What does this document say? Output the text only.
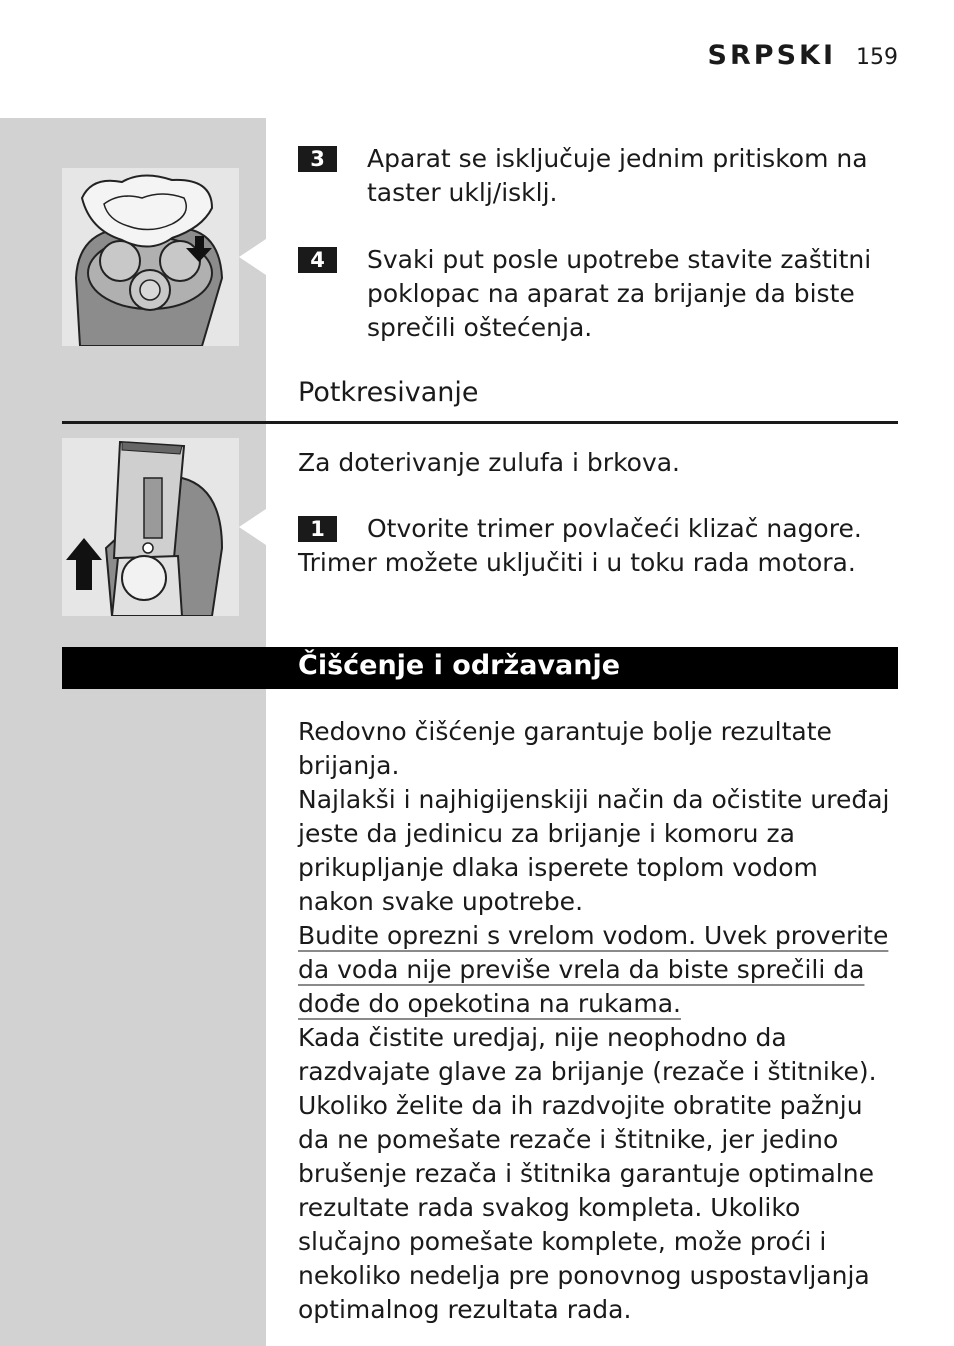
SRPSKI 159
3	Aparat se isključuje jednim pritiskom na taster uklj/isklj.
4	Svaki put posle upotrebe stavite zaštitni poklopac na aparat za brijanje da biste sprečili oštećenja.
Potkresivanje
Za doterivanje zulufa i brkova.
1	Otvorite trimer povlačeći klizač nagore.
Trimer možete uključiti i u toku rada motora.
Čišćenje i održavanje

Redovno čišćenje garantuje bolje rezultate brijanja.

Najlakši i najhigijenskiji način da očistite uređaj jeste da jedinicu za brijanje i komoru za prikupljanje dlaka isperete toplom vodom nakon svake upotrebe.

Budite oprezni s vrelom vodom. Uvek proverite da voda nije previše vrela da biste sprečili da dođe do opekotina na rukama.

Kada čistite uredjaj, nije neophodno da razdvajate glave za brijanje (rezače i štitnike). Ukoliko želite da ih razdvojite obratite pažnju da ne pomešate rezače i štitnike, jer jedino brušenje rezača i štitnika garantuje optimalne rezultate rada svakog kompleta. Ukoliko slučajno pomešate komplete, može proći i nekoliko nedelja pre ponovnog uspostavljanja optimalnog rezultata rada.
